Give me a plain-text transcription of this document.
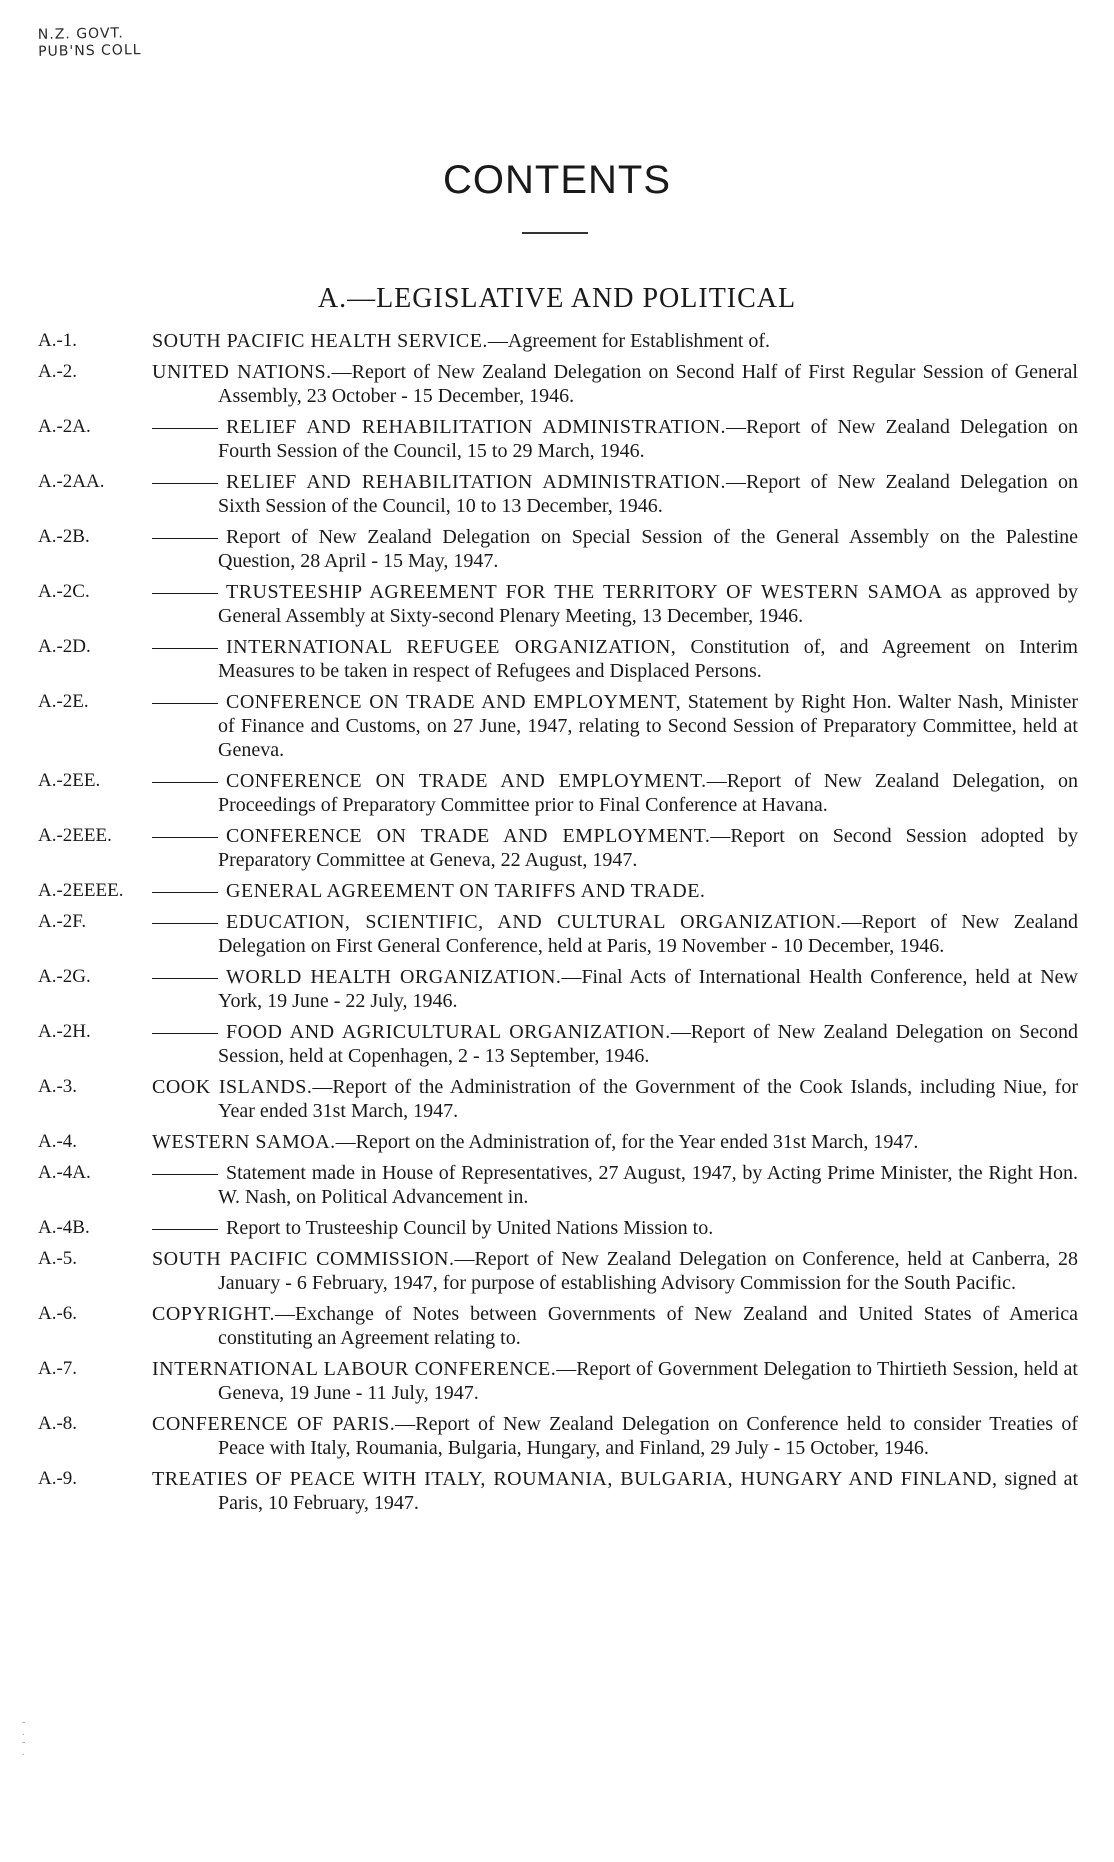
N.Z. GOVT.
PUB'NS COLL
CONTENTS
A.—LEGISLATIVE AND POLITICAL
A.-1.	SOUTH PACIFIC HEALTH SERVICE.—Agreement for Establishment of.
A.-2.	UNITED NATIONS.—Report of New Zealand Delegation on Second Half of First Regular Session of General Assembly, 23 October - 15 December, 1946.
A.-2A.	RELIEF AND REHABILITATION ADMINISTRATION.—Report of New Zealand Delegation on Fourth Session of the Council, 15 to 29 March, 1946.
A.-2AA.	RELIEF AND REHABILITATION ADMINISTRATION.—Report of New Zealand Delegation on Sixth Session of the Council, 10 to 13 December, 1946.
A.-2B.	Report of New Zealand Delegation on Special Session of the General Assembly on the Palestine Question, 28 April - 15 May, 1947.
A.-2C.	TRUSTEESHIP AGREEMENT FOR THE TERRITORY OF WESTERN SAMOA as approved by General Assembly at Sixty-second Plenary Meeting, 13 December, 1946.
A.-2D.	INTERNATIONAL REFUGEE ORGANIZATION, Constitution of, and Agreement on Interim Measures to be taken in respect of Refugees and Displaced Persons.
A.-2E.	CONFERENCE ON TRADE AND EMPLOYMENT, Statement by Right Hon. Walter Nash, Minister of Finance and Customs, on 27 June, 1947, relating to Second Session of Preparatory Committee, held at Geneva.
A.-2EE.	CONFERENCE ON TRADE AND EMPLOYMENT.—Report of New Zealand Delegation, on Proceedings of Preparatory Committee prior to Final Conference at Havana.
A.-2EEE.	CONFERENCE ON TRADE AND EMPLOYMENT.—Report on Second Session adopted by Preparatory Committee at Geneva, 22 August, 1947.
A.-2EEEE.	GENERAL AGREEMENT ON TARIFFS AND TRADE.
A.-2F.	EDUCATION, SCIENTIFIC, AND CULTURAL ORGANIZATION.—Report of New Zealand Delegation on First General Conference, held at Paris, 19 November - 10 December, 1946.
A.-2G.	WORLD HEALTH ORGANIZATION.—Final Acts of International Health Conference, held at New York, 19 June - 22 July, 1946.
A.-2H.	FOOD AND AGRICULTURAL ORGANIZATION.—Report of New Zealand Delegation on Second Session, held at Copenhagen, 2 - 13 September, 1946.
A.-3.	COOK ISLANDS.—Report of the Administration of the Government of the Cook Islands, including Niue, for Year ended 31st March, 1947.
A.-4.	WESTERN SAMOA.—Report on the Administration of, for the Year ended 31st March, 1947.
A.-4A.	Statement made in House of Representatives, 27 August, 1947, by Acting Prime Minister, the Right Hon. W. Nash, on Political Advancement in.
A.-4B.	Report to Trusteeship Council by United Nations Mission to.
A.-5.	SOUTH PACIFIC COMMISSION.—Report of New Zealand Delegation on Conference, held at Canberra, 28 January - 6 February, 1947, for purpose of establishing Advisory Commission for the South Pacific.
A.-6.	COPYRIGHT.—Exchange of Notes between Governments of New Zealand and United States of America constituting an Agreement relating to.
A.-7.	INTERNATIONAL LABOUR CONFERENCE.—Report of Government Delegation to Thirtieth Session, held at Geneva, 19 June - 11 July, 1947.
A.-8.	CONFERENCE OF PARIS.—Report of New Zealand Delegation on Conference held to consider Treaties of Peace with Italy, Roumania, Bulgaria, Hungary, and Finland, 29 July - 15 October, 1946.
A.-9.	TREATIES OF PEACE WITH ITALY, ROUMANIA, BULGARIA, HUNGARY AND FINLAND, signed at Paris, 10 February, 1947.
-
.
-
.
